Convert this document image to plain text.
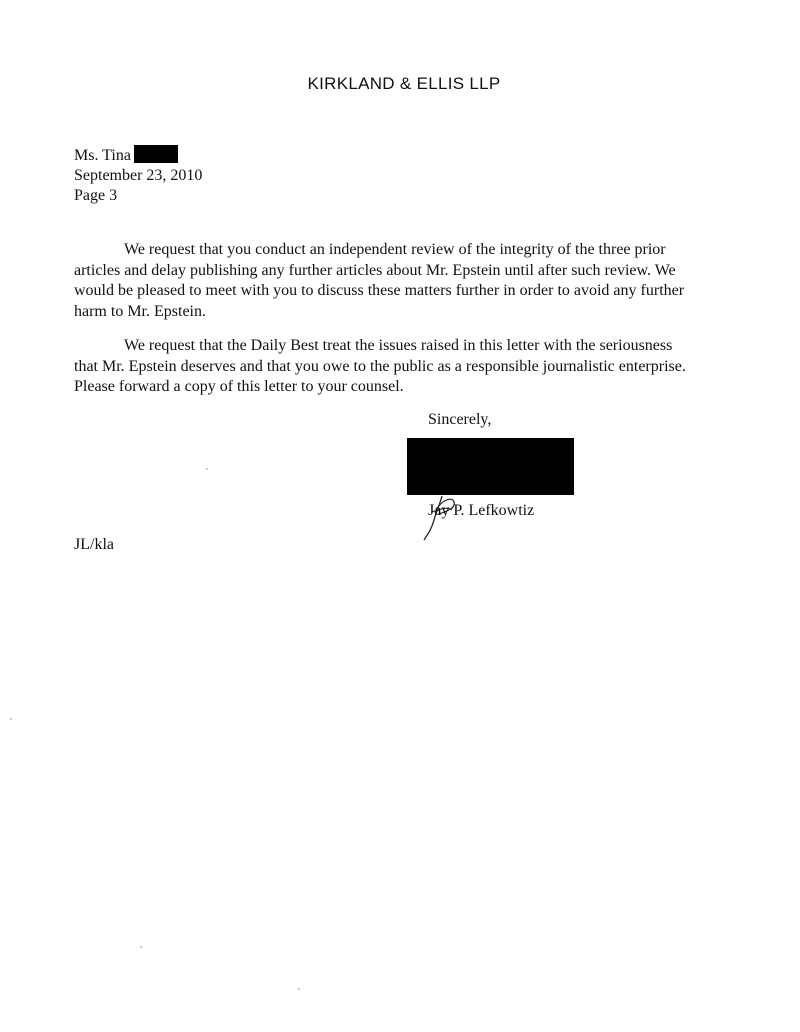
KIRKLAND & ELLIS LLP
Ms. Tina
September 23, 2010
Page 3

We request that you conduct an independent review of the integrity of the three prior
articles and delay publishing any further articles about Mr. Epstein until after such review. We
would be pleased to meet with you to discuss these matters further in order to avoid any further
harm to Mr. Epstein.

We request that the Daily Best treat the issues raised in this letter with the seriousness
that Mr. Epstein deserves and that you owe to the public as a responsible journalistic enterprise.
Please forward a copy of this letter to your counsel.

Sincerely,
Jay P. Lefkowtiz
JL/kla
